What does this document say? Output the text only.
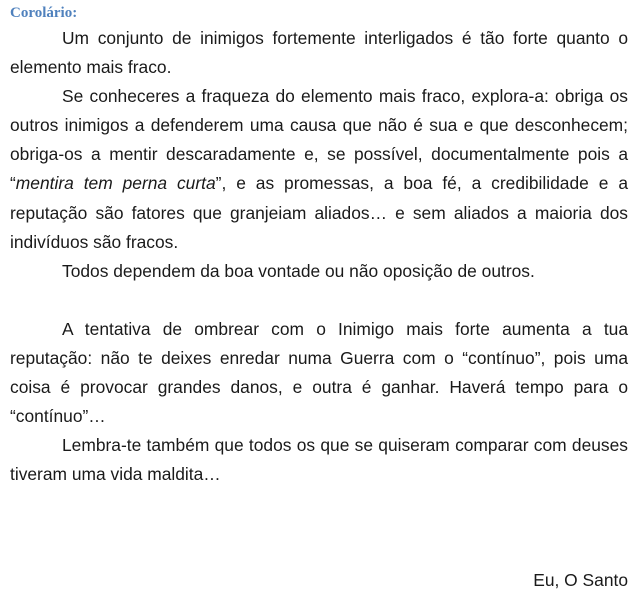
Corolário:

Um conjunto de inimigos fortemente interligados é tão forte quanto o elemento mais fraco.

Se conheceres a fraqueza do elemento mais fraco, explora-a: obriga os outros inimigos a defenderem uma causa que não é sua e que desconhecem; obriga-os a mentir descaradamente e, se possível, documentalmente pois a “mentira tem perna curta”, e as promessas, a boa fé, a credibilidade e a reputação são fatores que granjeiam aliados… e sem aliados a maioria dos indivíduos são fracos.

Todos dependem da boa vontade ou não oposição de outros.

A tentativa de ombrear com o Inimigo mais forte aumenta a tua reputação: não te deixes enredar numa Guerra com o “contínuo”, pois uma coisa é provocar grandes danos, e outra é ganhar. Haverá tempo para o “contínuo”…

Lembra-te também que todos os que se quiseram comparar com deuses tiveram uma vida maldita…

Eu, O Santo
